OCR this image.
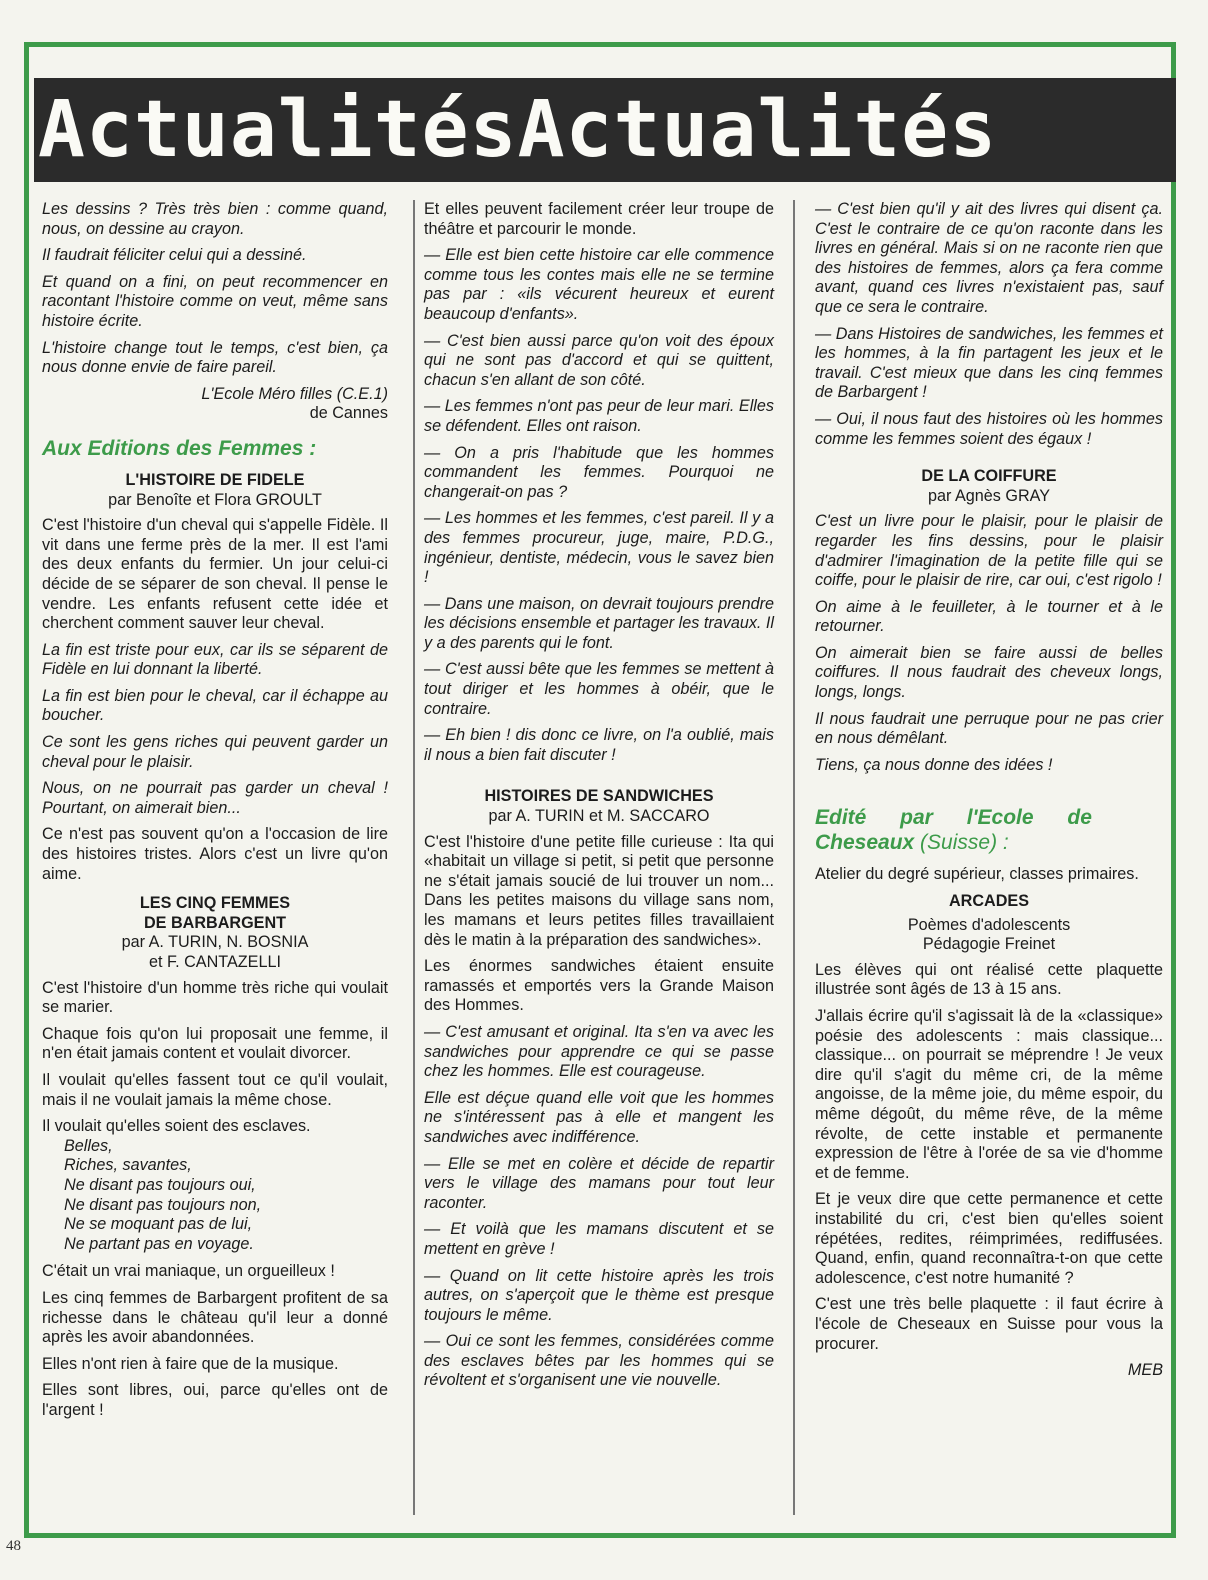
ActualitésActualités

Les dessins ? Très très bien : comme quand, nous, on dessine au crayon.

Il faudrait féliciter celui qui a dessiné.

Et quand on a fini, on peut recommencer en racontant l'histoire comme on veut, même sans histoire écrite.

L'histoire change tout le temps, c'est bien, ça nous donne envie de faire pareil.

L'Ecole Méro filles (C.E.1)

de Cannes

Aux Editions des Femmes :
L'HISTOIRE DE FIDELE

par Benoîte et Flora GROULT

C'est l'histoire d'un cheval qui s'appelle Fidèle. Il vit dans une ferme près de la mer. Il est l'ami des deux enfants du fermier. Un jour celui-ci décide de se séparer de son cheval. Il pense le vendre. Les enfants refusent cette idée et cherchent comment sauver leur cheval.

La fin est triste pour eux, car ils se séparent de Fidèle en lui donnant la liberté.

La fin est bien pour le cheval, car il échappe au boucher.

Ce sont les gens riches qui peuvent garder un cheval pour le plaisir.

Nous, on ne pourrait pas garder un cheval ! Pourtant, on aimerait bien...

Ce n'est pas souvent qu'on a l'occasion de lire des histoires tristes. Alors c'est un livre qu'on aime.

LES CINQ FEMMES
DE BARBARGENT

par A. TURIN, N. BOSNIA

et F. CANTAZELLI

C'est l'histoire d'un homme très riche qui voulait se marier.

Chaque fois qu'on lui proposait une femme, il n'en était jamais content et voulait divorcer.

Il voulait qu'elles fassent tout ce qu'il voulait, mais il ne voulait jamais la même chose.

Il voulait qu'elles soient des esclaves.

Belles,
Riches, savantes,
Ne disant pas toujours oui,
Ne disant pas toujours non,
Ne se moquant pas de lui,
Ne partant pas en voyage.

C'était un vrai maniaque, un orgueilleux !

Les cinq femmes de Barbargent profitent de sa richesse dans le château qu'il leur a donné après les avoir abandonnées.

Elles n'ont rien à faire que de la musique.

Elles sont libres, oui, parce qu'elles ont de l'argent !

Et elles peuvent facilement créer leur troupe de théâtre et parcourir le monde.

— Elle est bien cette histoire car elle commence comme tous les contes mais elle ne se termine pas par : «ils vécurent heureux et eurent beaucoup d'enfants».

— C'est bien aussi parce qu'on voit des époux qui ne sont pas d'accord et qui se quittent, chacun s'en allant de son côté.

— Les femmes n'ont pas peur de leur mari. Elles se défendent. Elles ont raison.

— On a pris l'habitude que les hommes commandent les femmes. Pourquoi ne changerait-on pas ?

— Les hommes et les femmes, c'est pareil. Il y a des femmes procureur, juge, maire, P.D.G., ingénieur, dentiste, médecin, vous le savez bien !

— Dans une maison, on devrait toujours prendre les décisions ensemble et partager les travaux. Il y a des parents qui le font.

— C'est aussi bête que les femmes se mettent à tout diriger et les hommes à obéir, que le contraire.

— Eh bien ! dis donc ce livre, on l'a oublié, mais il nous a bien fait discuter !

HISTOIRES DE SANDWICHES

par A. TURIN et M. SACCARO

C'est l'histoire d'une petite fille curieuse : Ita qui «habitait un village si petit, si petit que personne ne s'était jamais soucié de lui trouver un nom... Dans les petites maisons du village sans nom, les mamans et leurs petites filles travaillaient dès le matin à la préparation des sandwiches».

Les énormes sandwiches étaient ensuite ramassés et emportés vers la Grande Maison des Hommes.

— C'est amusant et original. Ita s'en va avec les sandwiches pour apprendre ce qui se passe chez les hommes. Elle est courageuse.

Elle est déçue quand elle voit que les hommes ne s'intéressent pas à elle et mangent les sandwiches avec indifférence.

— Elle se met en colère et décide de repartir vers le village des mamans pour tout leur raconter.

— Et voilà que les mamans discutent et se mettent en grève !

— Quand on lit cette histoire après les trois autres, on s'aperçoit que le thème est presque toujours le même.

— Oui ce sont les femmes, considérées comme des esclaves bêtes par les hommes qui se révoltent et s'organisent une vie nouvelle.

— C'est bien qu'il y ait des livres qui disent ça. C'est le contraire de ce qu'on raconte dans les livres en général. Mais si on ne raconte rien que des histoires de femmes, alors ça fera comme avant, quand ces livres n'existaient pas, sauf que ce sera le contraire.

— Dans Histoires de sandwiches, les femmes et les hommes, à la fin partagent les jeux et le travail. C'est mieux que dans les cinq femmes de Barbargent !

— Oui, il nous faut des histoires où les hommes comme les femmes soient des égaux !

DE LA COIFFURE

par Agnès GRAY

C'est un livre pour le plaisir, pour le plaisir de regarder les fins dessins, pour le plaisir d'admirer l'imagination de la petite fille qui se coiffe, pour le plaisir de rire, car oui, c'est rigolo !

On aime à le feuilleter, à le tourner et à le retourner.

On aimerait bien se faire aussi de belles coiffures. Il nous faudrait des cheveux longs, longs, longs.

Il nous faudrait une perruque pour ne pas crier en nous démêlant.

Tiens, ça nous donne des idées !

Edité par l'Ecole de
Cheseaux (Suisse) :

Atelier du degré supérieur, classes primaires.

ARCADES

Poèmes d'adolescents

Pédagogie Freinet

Les élèves qui ont réalisé cette plaquette illustrée sont âgés de 13 à 15 ans.

J'allais écrire qu'il s'agissait là de la «classique» poésie des adolescents : mais classique... classique... on pourrait se méprendre ! Je veux dire qu'il s'agit du même cri, de la même angoisse, de la même joie, du même espoir, du même dégoût, du même rêve, de la même révolte, de cette instable et permanente expression de l'être à l'orée de sa vie d'homme et de femme.

Et je veux dire que cette permanence et cette instabilité du cri, c'est bien qu'elles soient répétées, redites, réimprimées, rediffusées. Quand, enfin, quand reconnaîtra-t-on que cette adolescence, c'est notre humanité ?

C'est une très belle plaquette : il faut écrire à l'école de Cheseaux en Suisse pour vous la procurer.

MEB

48
